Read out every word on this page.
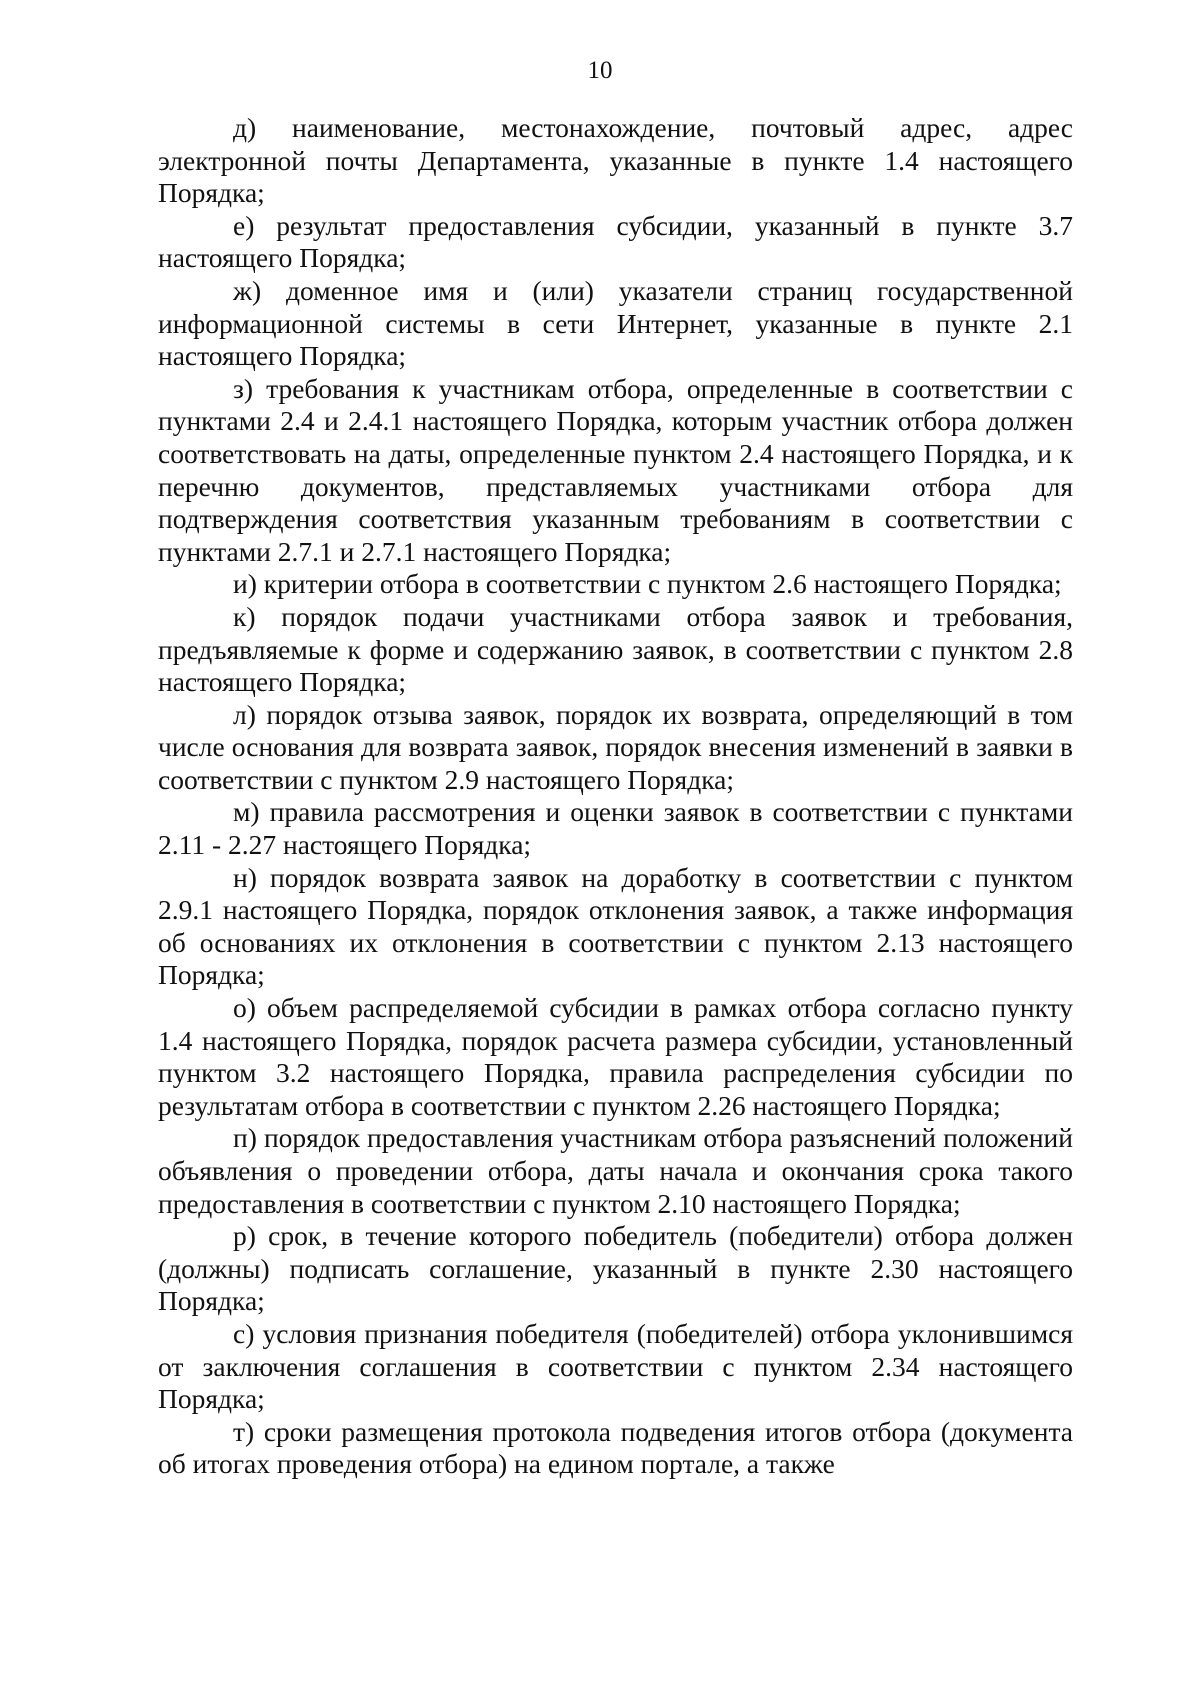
10

д) наименование, местонахождение, почтовый адрес, адрес электронной почты Департамента, указанные в пункте 1.4 настоящего Порядка;

е) результат предоставления субсидии, указанный в пункте 3.7 настоящего Порядка;

ж) доменное имя и (или) указатели страниц государственной информационной системы в сети Интернет, указанные в пункте 2.1 настоящего Порядка;

з) требования к участникам отбора, определенные в соответствии с пунктами 2.4 и 2.4.1 настоящего Порядка, которым участник отбора должен соответствовать на даты, определенные пунктом 2.4 настоящего Порядка, и к перечню документов, представляемых участниками отбора для подтверждения соответствия указанным требованиям в соответствии с пунктами 2.7.1 и 2.7.1 настоящего Порядка;

и) критерии отбора в соответствии с пунктом 2.6 настоящего Порядка;

к) порядок подачи участниками отбора заявок и требования, предъявляемые к форме и содержанию заявок, в соответствии с пунктом 2.8 настоящего Порядка;

л) порядок отзыва заявок, порядок их возврата, определяющий в том числе основания для возврата заявок, порядок внесения изменений в заявки в соответствии с пунктом 2.9 настоящего Порядка;

м) правила рассмотрения и оценки заявок в соответствии с пунктами 2.11 - 2.27 настоящего Порядка;

н) порядок возврата заявок на доработку в соответствии с пунктом 2.9.1 настоящего Порядка, порядок отклонения заявок, а также информация об основаниях их отклонения в соответствии с пунктом 2.13 настоящего Порядка;

о) объем распределяемой субсидии в рамках отбора согласно пункту 1.4 настоящего Порядка, порядок расчета размера субсидии, установленный пунктом 3.2 настоящего Порядка, правила распределения субсидии по результатам отбора в соответствии с пунктом 2.26 настоящего Порядка;

п) порядок предоставления участникам отбора разъяснений положений объявления о проведении отбора, даты начала и окончания срока такого предоставления в соответствии с пунктом 2.10 настоящего Порядка;

р) срок, в течение которого победитель (победители) отбора должен (должны) подписать соглашение, указанный в пункте 2.30 настоящего Порядка;

с) условия признания победителя (победителей) отбора уклонившимся от заключения соглашения в соответствии с пунктом 2.34 настоящего Порядка;

т) сроки размещения протокола подведения итогов отбора (документа об итогах проведения отбора) на едином портале, а также
